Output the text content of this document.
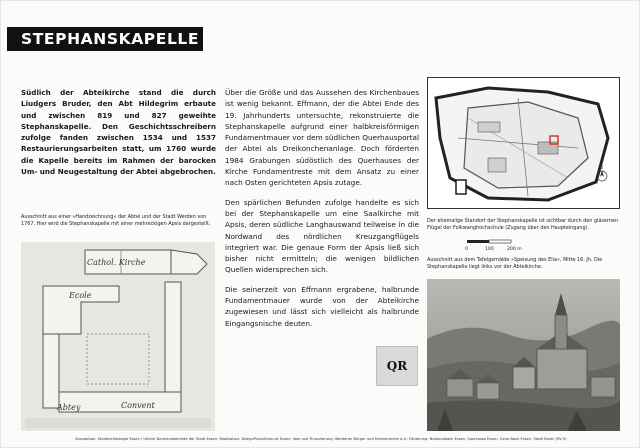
STEPHANSKAPELLE

Südlich der Abteikirche stand die durch Liudgers Bruder, den Abt Hildegrim erbaute und zwischen 819 und 827 geweihte Stephanskapelle. Den Geschichtsschreibern zufolge fanden zwischen 1534 und 1537 Restaurierungsarbeiten statt, um 1760 wurde die Kapelle bereits im Rahmen der barocken Um- und Neugestaltung der Abtei abgebrochen.

Ausschnitt aus einer »Handzeichnung« der Abtei und der Stadt Werden von 1767. Hier wird die Stephanskapelle mit einer mehreckigen Apsis dargestellt.

Cathol. Kirche
Ecole
Abtey	Convent

Über die Größe und das Aussehen des Kirchenbaues ist wenig bekannt. Effmann, der die Abtei Ende des 19. Jahrhunderts untersuchte, rekonstruierte die Stephanskapelle aufgrund einer halbkreisförmigen Fundamentmauer vor dem südlichen Querhausportal der Abtei als Dreikonchenanlage. Doch förderten 1984 Grabungen südöstlich des Querhauses der Kirche Fundamentreste mit dem Ansatz zu einer nach Osten gerichteten Apsis zutage.

Den spärlichen Befunden zufolge handelte es sich bei der Stephanskapelle um eine Saalkirche mit Apsis, deren südliche Langhauswand teilweise in die Nordwand des nördlichen Kreuzgangflügels integriert war. Die genaue Form der Apsis ließ sich bisher nicht ermitteln; die wenigen bildlichen Quellen widersprechen sich.

Die seinerzeit von Effmann ergrabene, halbrunde Fundamentmauer wurde von der Abteikirche zugewiesen und lässt sich vielleicht als halbrunde Eingangsnische deuten.

QR
N

Der ehemalige Standort der Stephanskapelle ist sichtbar durch den gläsernen Flügel der Folkwanghochschule (Zugang über den Haupteingang).

0	100	200 m

Ausschnitt aus dem Tafelgemälde »Speisung des Elia«, Mitte 16. Jh. Die Stephanskapelle liegt links vor der Abteikirche.

Konzeption: Stadtarchäologie Essen / Untere Denkmalbehörde der Stadt Essen; Realisation: DesignProduktion.de Essen; Idee und Finanzierung: Werdener Bürger und Heimatverein e.V.; Förderung: Nationalbank Essen, Sparkasse Essen, Geno Bank Essen, Stadt Essen (RV II)
